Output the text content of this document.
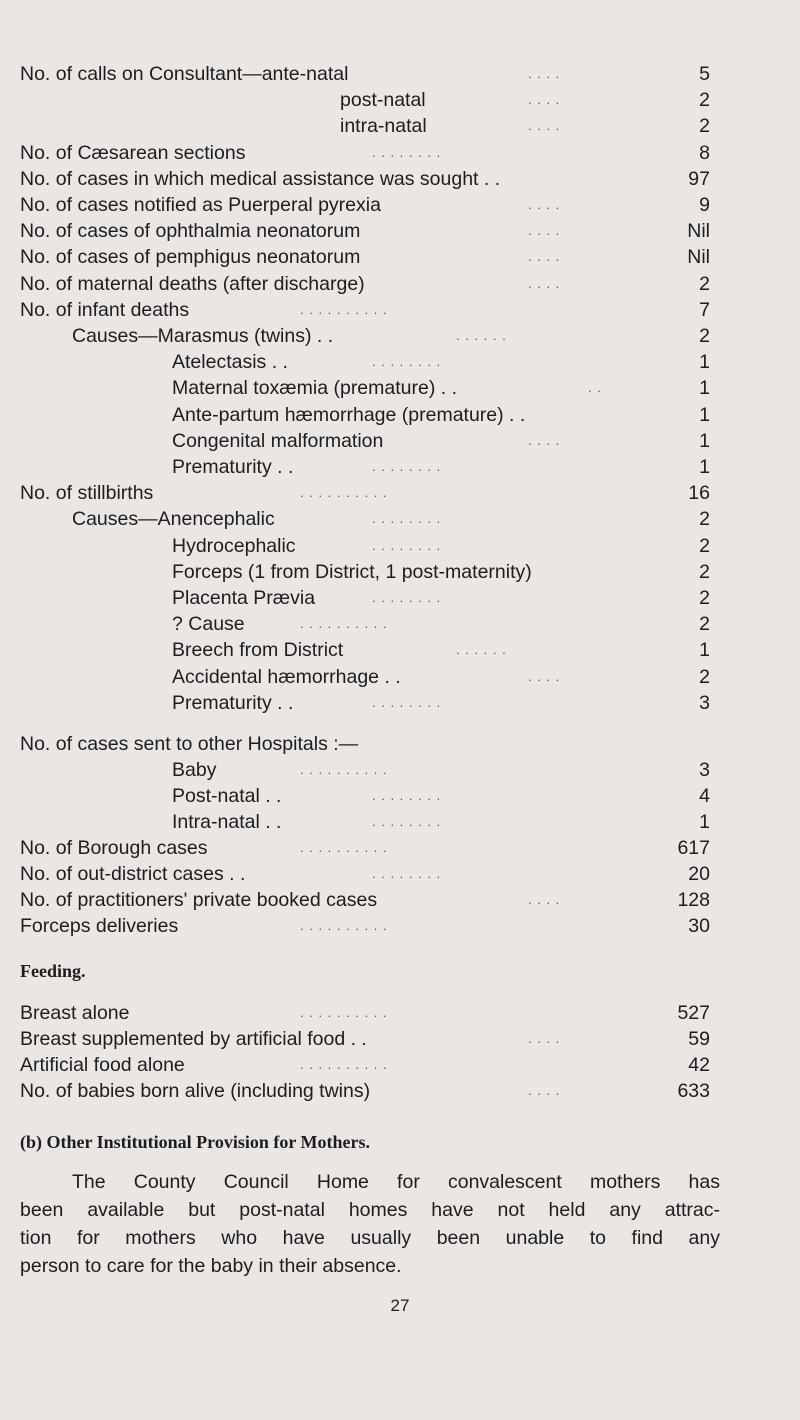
No. of calls on Consultant—ante-natal	. . . .	5
post-natal	. . . .	2
intra-natal	. . . .	2
No. of Cæsarean sections	. . . . . . . .	8
No. of cases in which medical assistance was sought . .	97
No. of cases notified as Puerperal pyrexia	. . . .	9
No. of cases of ophthalmia neonatorum	. . . .	Nil
No. of cases of pemphigus neonatorum	. . . .	Nil
No. of maternal deaths (after discharge)	. . . .	2
No. of infant deaths	. . . . . . . . . .	7
Causes—Marasmus (twins) . .	. . . . . .	2
Atelectasis . .	. . . . . . . .	1
Maternal toxæmia (premature) . .	. .	1
Ante-partum hæmorrhage (premature) . .	1
Congenital malformation	. . . .	1
Prematurity . .	. . . . . . . .	1
No. of stillbirths	. . . . . . . . . .	16
Causes—Anencephalic	. . . . . . . .	2
Hydrocephalic	. . . . . . . .	2
Forceps (1 from District, 1 post-maternity)	2
Placenta Prævia	. . . . . . . .	2
? Cause	. . . . . . . . . .	2
Breech from District	. . . . . .	1
Accidental hæmorrhage . .	. . . .	2
Prematurity . .	. . . . . . . .	3
No. of cases sent to other Hospitals :—
Baby	. . . . . . . . . .	3
Post-natal . .	. . . . . . . .	4
Intra-natal . .	. . . . . . . .	1
No. of Borough cases	. . . . . . . . . .	617
No. of out-district cases . .	. . . . . . . .	20
No. of practitioners' private booked cases	. . . .	128
Forceps deliveries	. . . . . . . . . .	30
Feeding.
Breast alone	. . . . . . . . . .	527
Breast supplemented by artificial food . .	. . . .	59
Artificial food alone	. . . . . . . . . .	42
No. of babies born alive (including twins)	. . . .	633
(b) Other Institutional Provision for Mothers.
The County Council Home for convalescent mothers has
been available but post-natal homes have not held any attrac-
tion for mothers who have usually been unable to find any
person to care for the baby in their absence.
27
